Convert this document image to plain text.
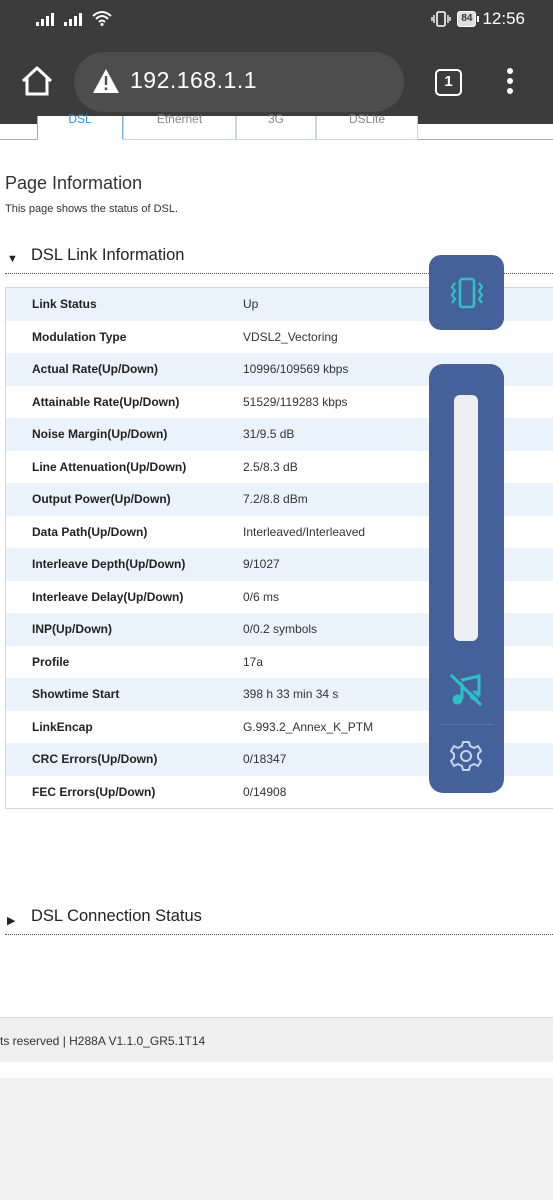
84 12:56
192.168.1.1	1
DSL	Ethernet	3G	DSLite
Page Information
This page shows the status of DSL.
▼ DSL Link Information
Link Status	Up
Modulation Type	VDSL2_Vectoring
Actual Rate(Up/Down)	10996/109569 kbps
Attainable Rate(Up/Down)	51529/119283 kbps
Noise Margin(Up/Down)	31/9.5 dB
Line Attenuation(Up/Down)	2.5/8.3 dB
Output Power(Up/Down)	7.2/8.8 dBm
Data Path(Up/Down)	Interleaved/Interleaved
Interleave Depth(Up/Down)	9/1027
Interleave Delay(Up/Down)	0/6 ms
INP(Up/Down)	0/0.2 symbols
Profile	17a
Showtime Start	398 h 33 min 34 s
LinkEncap	G.993.2_Annex_K_PTM
CRC Errors(Up/Down)	0/18347
FEC Errors(Up/Down)	0/14908
▶ DSL Connection Status
ts reserved | H288A V1.1.0_GR5.1T14
